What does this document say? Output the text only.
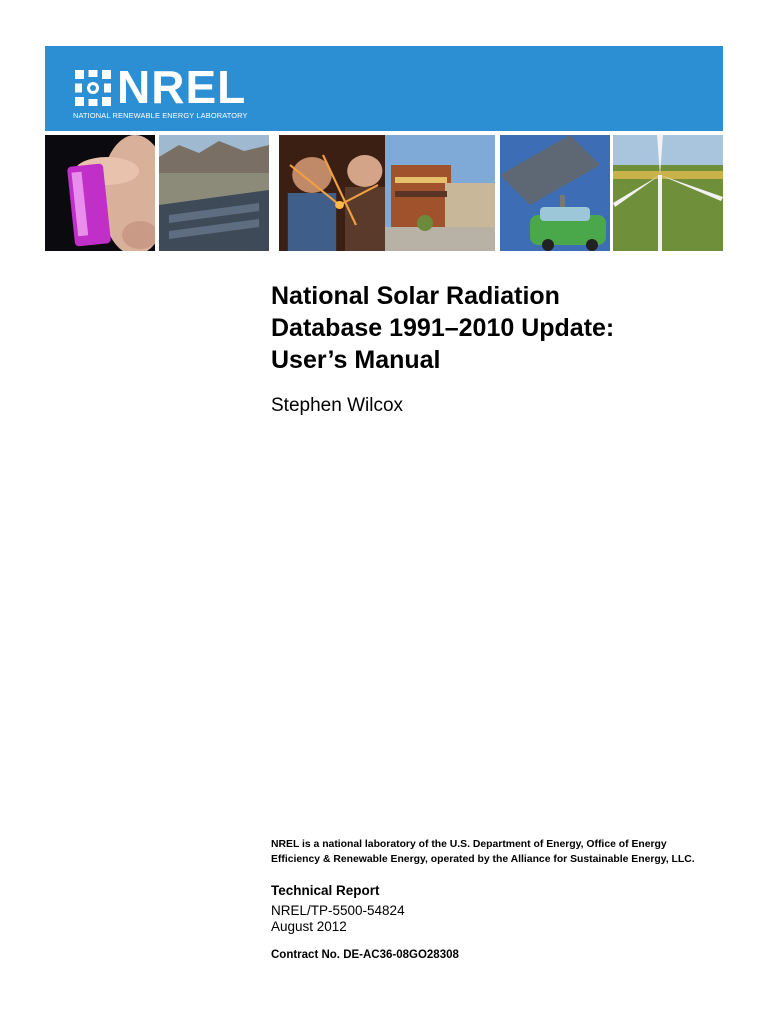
NREL
NATIONAL RENEWABLE ENERGY LABORATORY
National Solar Radiation
Database 1991–2010 Update:
User’s Manual
Stephen Wilcox
NREL is a national laboratory of the U.S. Department of Energy, Office of Energy
Efficiency & Renewable Energy, operated by the Alliance for Sustainable Energy, LLC.
Technical Report
NREL/TP-5500-54824
August 2012
Contract No. DE-AC36-08GO28308
